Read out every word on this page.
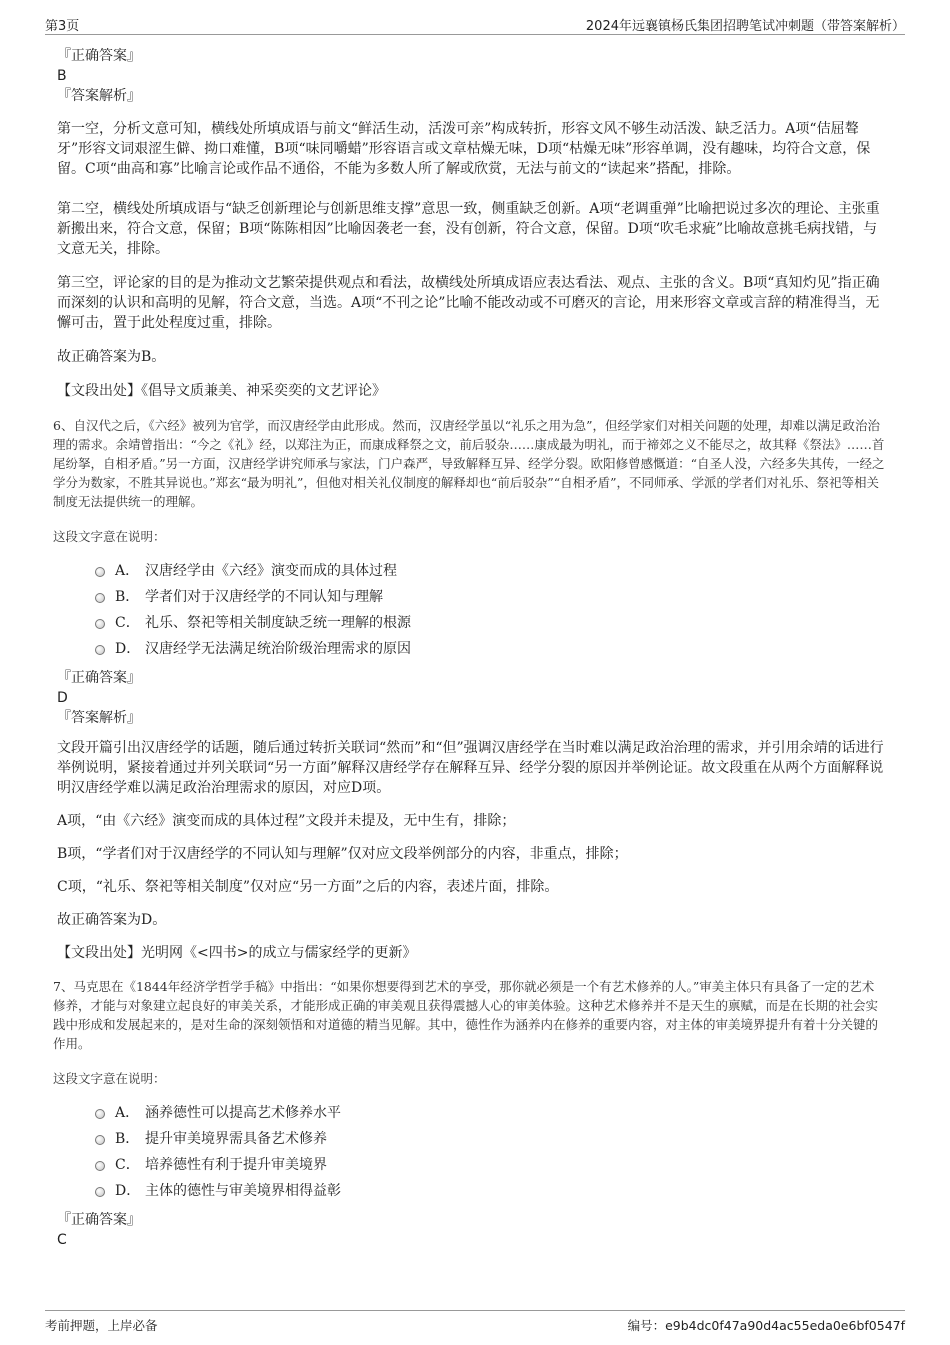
第3页	2024年远襄镇杨氏集团招聘笔试冲刺题（带答案解析）

『正确答案』

B

『答案解析』

第一空，分析文意可知，横线处所填成语与前文“鲜活生动，活泼可亲”构成转折，形容文风不够生动活泼、缺乏活力。A项“佶屈聱牙”形容文词艰涩生僻、拗口难懂，B项“味同嚼蜡”形容语言或文章枯燥无味，D项“枯燥无味”形容单调，没有趣味，均符合文意，保留。C项“曲高和寡”比喻言论或作品不通俗，不能为多数人所了解或欣赏，无法与前文的“读起来”搭配，排除。

第二空，横线处所填成语与“缺乏创新理论与创新思维支撑”意思一致，侧重缺乏创新。A项“老调重弹”比喻把说过多次的理论、主张重新搬出来，符合文意，保留；B项“陈陈相因”比喻因袭老一套，没有创新，符合文意，保留。D项“吹毛求疵”比喻故意挑毛病找错，与文意无关，排除。

第三空，评论家的目的是为推动文艺繁荣提供观点和看法，故横线处所填成语应表达看法、观点、主张的含义。B项“真知灼见”指正确而深刻的认识和高明的见解，符合文意，当选。A项“不刊之论”比喻不能改动或不可磨灭的言论，用来形容文章或言辞的精准得当，无懈可击，置于此处程度过重，排除。

故正确答案为B。

【文段出处】《倡导文质兼美、神采奕奕的文艺评论》

6、自汉代之后，《六经》被列为官学，而汉唐经学由此形成。然而，汉唐经学虽以“礼乐之用为急”，但经学家们对相关问题的处理，却难以满足政治治理的需求。余靖曾指出：“今之《礼》经，以郑注为正，而康成释祭之文，前后驳杂……康成最为明礼，而于禘郊之义不能尽之，故其释《祭法》……首尾纷拏，自相矛盾。”另一方面，汉唐经学讲究师承与家法，门户森严，导致解释互异、经学分裂。欧阳修曾感慨道：“自圣人没，六经多失其传，一经之学分为数家，不胜其异说也。”郑玄“最为明礼”，但他对相关礼仪制度的解释却也“前后驳杂”“自相矛盾”，不同师承、学派的学者们对礼乐、祭祀等相关制度无法提供统一的理解。

这段文字意在说明：

A． 汉唐经学由《六经》演变而成的具体过程
B． 学者们对于汉唐经学的不同认知与理解
C． 礼乐、祭祀等相关制度缺乏统一理解的根源
D． 汉唐经学无法满足统治阶级治理需求的原因

『正确答案』

D

『答案解析』

文段开篇引出汉唐经学的话题，随后通过转折关联词“然而”和“但”强调汉唐经学在当时难以满足政治治理的需求，并引用余靖的话进行举例说明，紧接着通过并列关联词“另一方面”解释汉唐经学存在解释互异、经学分裂的原因并举例论证。故文段重在从两个方面解释说明汉唐经学难以满足政治治理需求的原因，对应D项。

A项，“由《六经》演变而成的具体过程”文段并未提及，无中生有，排除；

B项，“学者们对于汉唐经学的不同认知与理解”仅对应文段举例部分的内容，非重点，排除；

C项，“礼乐、祭祀等相关制度”仅对应“另一方面”之后的内容，表述片面，排除。

故正确答案为D。

【文段出处】光明网《<四书>的成立与儒家经学的更新》

7、马克思在《1844年经济学哲学手稿》中指出：“如果你想要得到艺术的享受，那你就必须是一个有艺术修养的人。”审美主体只有具备了一定的艺术修养，才能与对象建立起良好的审美关系，才能形成正确的审美观且获得震撼人心的审美体验。这种艺术修养并不是天生的禀赋，而是在长期的社会实践中形成和发展起来的，是对生命的深刻领悟和对道德的精当见解。其中，德性作为涵养内在修养的重要内容，对主体的审美境界提升有着十分关键的作用。

这段文字意在说明：

A． 涵养德性可以提高艺术修养水平
B． 提升审美境界需具备艺术修养
C． 培养德性有利于提升审美境界
D． 主体的德性与审美境界相得益彰

『正确答案』

C

考前押题，上岸必备	编号：e9b4dc0f47a90d4ac55eda0e6bf0547f
